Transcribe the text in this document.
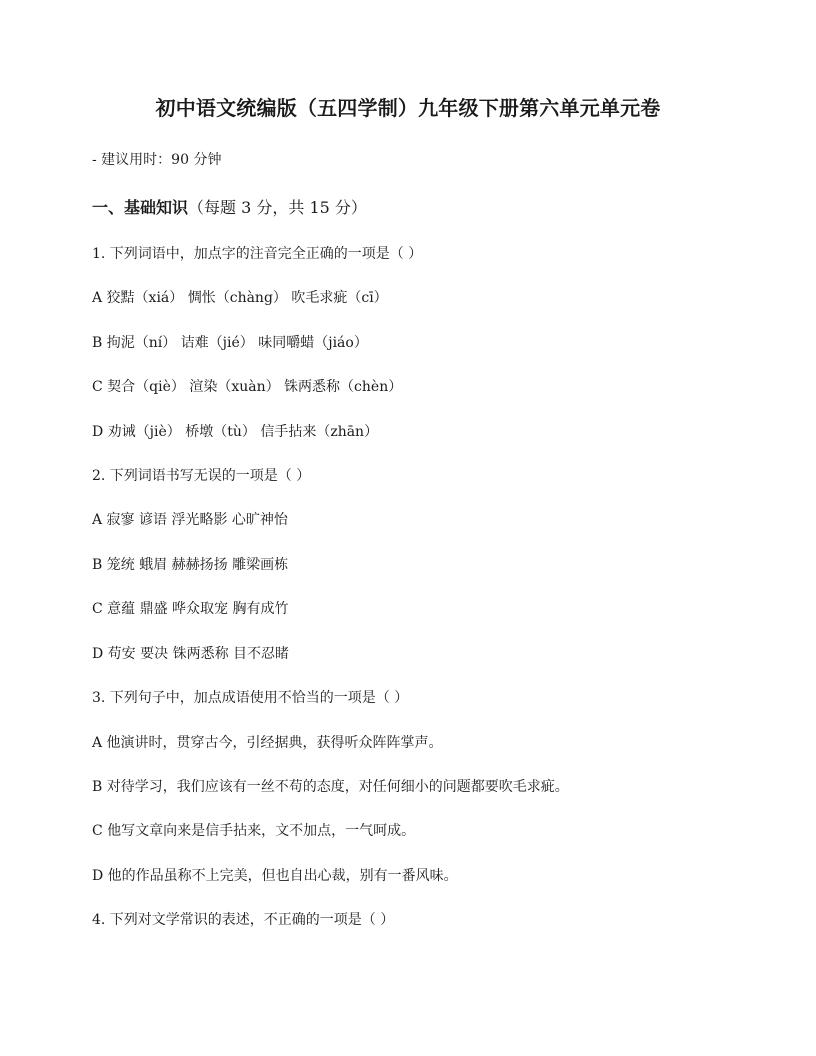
初中语文统编版（五四学制）九年级下册第六单元单元卷
- 建议用时：90 分钟
一、基础知识（每题 3 分，共 15 分）
1. 下列词语中，加点字的注音完全正确的一项是（ ）
A 狡黠（xiá） 惆怅（chàng） 吹毛求疵（cī）
B 拘泥（ní） 诘难（jié） 味同嚼蜡（jiáo）
C 契合（qiè） 渲染（xuàn） 铢两悉称（chèn）
D 劝诫（jiè） 桥墩（tù） 信手拈来（zhān）
2. 下列词语书写无误的一项是（ ）
A 寂寥 谚语 浮光略影 心旷神怡
B 笼统 蛾眉 赫赫扬扬 雕梁画栋
C 意蕴 鼎盛 哗众取宠 胸有成竹
D 苟安 要决 铢两悉称 目不忍睹
3. 下列句子中，加点成语使用不恰当的一项是（ ）
A 他演讲时，贯穿古今，引经据典，获得听众阵阵掌声。
B 对待学习，我们应该有一丝不苟的态度，对任何细小的问题都要吹毛求疵。
C 他写文章向来是信手拈来，文不加点，一气呵成。
D 他的作品虽称不上完美，但也自出心裁，别有一番风味。
4. 下列对文学常识的表述，不正确的一项是（ ）
